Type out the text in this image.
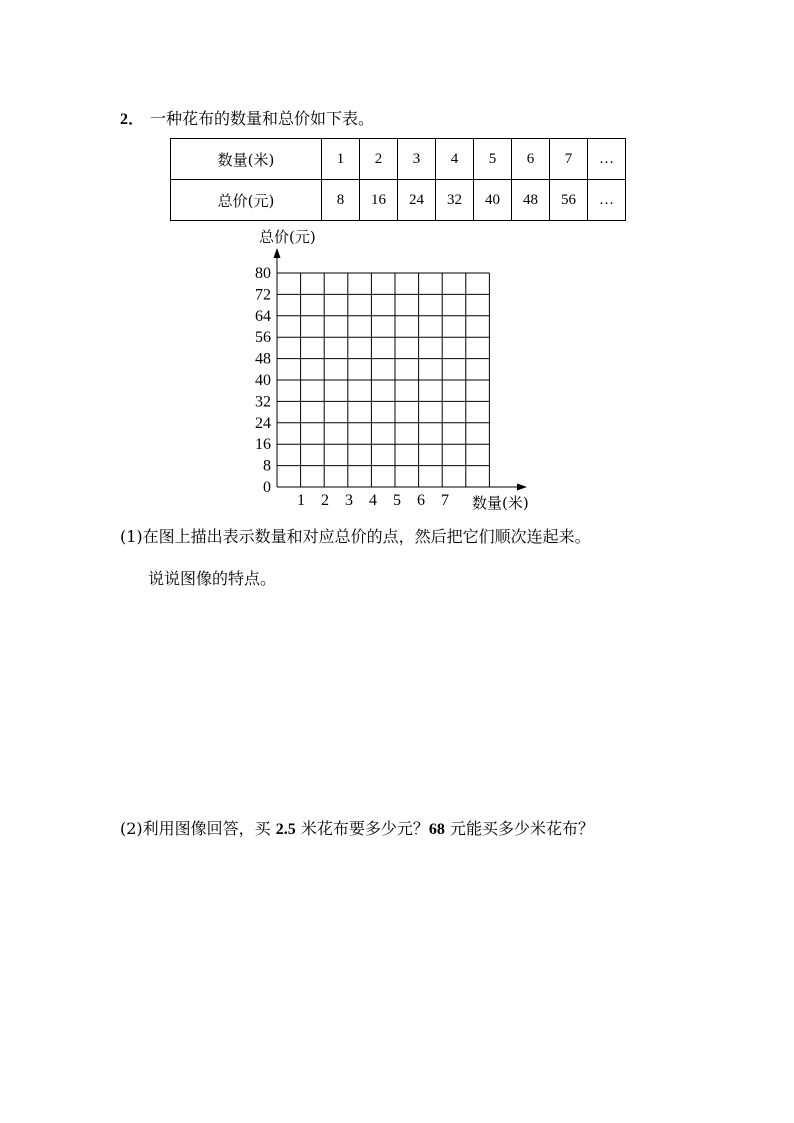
2． 一种花布的数量和总价如下表。
数量(米)	1	2	3	4	5	6	7	…
总价(元)	8	16	24	32	40	48	56	…
0
8
16
24
32
40
48
56
64
72
80
1 2 3 4 5 6 7
总价(元)
数量(米)
(1)在图上描出表示数量和对应总价的点，然后把它们顺次连起来。
说说图像的特点。
(2)利用图像回答，买 2.5 米花布要多少元？68 元能买多少米花布？
